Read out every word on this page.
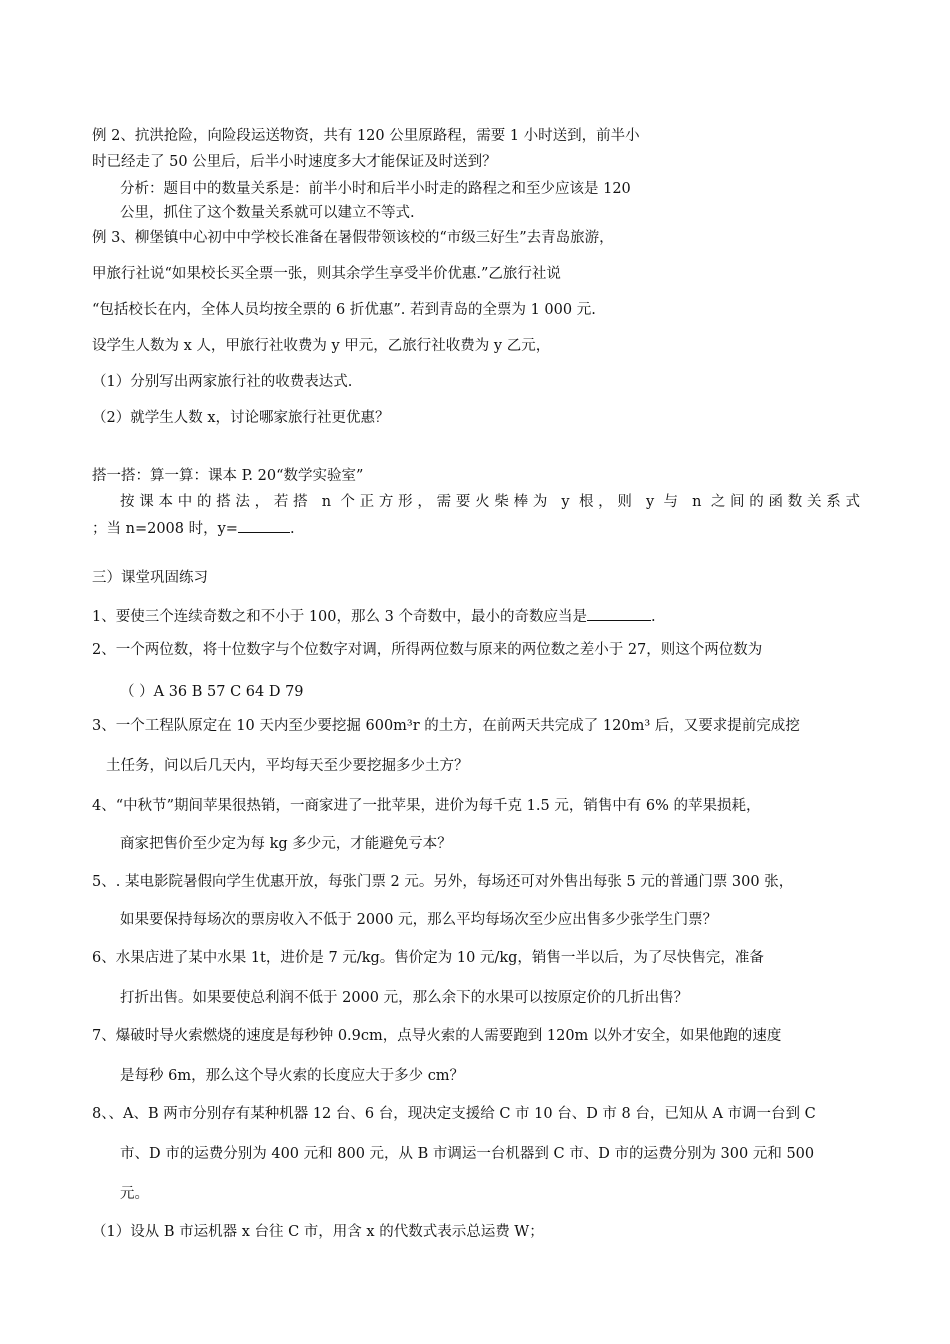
例 2、抗洪抢险，向险段运送物资，共有 120 公里原路程，需要 1 小时送到，前半小
时已经走了 50 公里后，后半小时速度多大才能保证及时送到？
分析：题目中的数量关系是：前半小时和后半小时走的路程之和至少应该是 120
公里，抓住了这个数量关系就可以建立不等式.
例 3、柳堡镇中心初中中学校长准备在暑假带领该校的“市级三好生”去青岛旅游，
甲旅行社说“如果校长买全票一张，则其余学生享受半价优惠.”乙旅行社说
“包括校长在内，全体人员均按全票的 6 折优惠”. 若到青岛的全票为 1 000 元.
设学生人数为 x 人，甲旅行社收费为 y 甲元，乙旅行社收费为 y 乙元，
（1）分别写出两家旅行社的收费表达式.
（2）就学生人数 x，讨论哪家旅行社更优惠？
搭一搭：算一算：课本 P. 20“数学实验室”
按课本中的搭法，若搭 n 个正方形，需要火柴棒为 y 根，则 y 与 n 之间的函数关系式
；当 n=2008 时，y=	.
三）课堂巩固练习
1、要使三个连续奇数之和不小于 100，那么 3 个奇数中，最小的奇数应当是	.
2、一个两位数，将十位数字与个位数字对调，所得两位数与原来的两位数之差小于 27，则这个两位数为
（ ）A 36 B 57 C 64 D 79
3、一个工程队原定在 10 天内至少要挖掘 600m³r 的土方，在前两天共完成了 120m³ 后，又要求提前完成挖
土任务，问以后几天内，平均每天至少要挖掘多少土方？
4、“中秋节”期间苹果很热销，一商家进了一批苹果，进价为每千克 1.5 元，销售中有 6% 的苹果损耗，
商家把售价至少定为每 kg 多少元，才能避免亏本？
5、. 某电影院暑假向学生优惠开放，每张门票 2 元。另外，每场还可对外售出每张 5 元的普通门票 300 张，
如果要保持每场次的票房收入不低于 2000 元，那么平均每场次至少应出售多少张学生门票？
6、水果店进了某中水果 1t，进价是 7 元/kg。售价定为 10 元/kg，销售一半以后，为了尽快售完，准备
打折出售。如果要使总利润不低于 2000 元，那么余下的水果可以按原定价的几折出售？
7、爆破时导火索燃烧的速度是每秒钟 0.9cm，点导火索的人需要跑到 120m 以外才安全，如果他跑的速度
是每秒 6m，那么这个导火索的长度应大于多少 cm？
8、、A、B 两市分别存有某种机器 12 台、6 台，现决定支援给 C 市 10 台、D 市 8 台，已知从 A 市调一台到 C
市、D 市的运费分别为 400 元和 800 元，从 B 市调运一台机器到 C 市、D 市的运费分别为 300 元和 500
元。
（1）设从 B 市运机器 x 台往 C 市，用含 x 的代数式表示总运费 W；
